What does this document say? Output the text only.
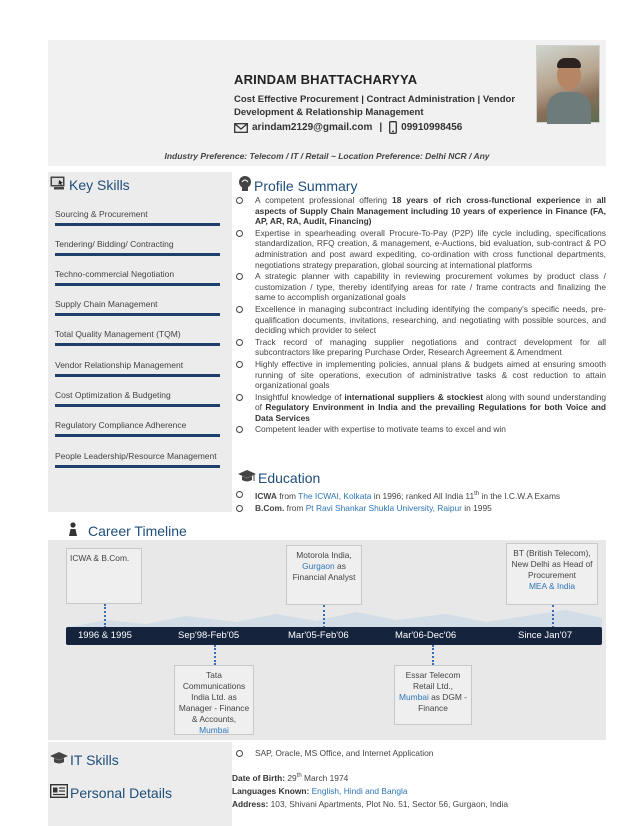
ARINDAM BHATTACHARYYA
Cost Effective Procurement | Contract Administration | Vendor Development & Relationship Management
arindam2129@gmail.com | 09910998456
Industry Preference: Telecom / IT / Retail ~ Location Preference: Delhi NCR / Any
Key Skills
Sourcing & Procurement
Tendering/ Bidding/ Contracting
Techno-commercial Negotiation
Supply Chain Management
Total Quality Management (TQM)
Vendor Relationship Management
Cost Optimization & Budgeting
Regulatory Compliance Adherence
People Leadership/Resource Management
Profile Summary
A competent professional offering 18 years of rich cross-functional experience in all aspects of Supply Chain Management including 10 years of experience in Finance (FA, AP, AR, RA, Audit, Financing)
Expertise in spearheading overall Procure-To-Pay (P2P) life cycle including, specifications standardization, RFQ creation, & management, e-Auctions, bid evaluation, sub-contract & PO administration and post award expediting, co-ordination with cross functional departments, negotiations strategy preparation, global sourcing at international platforms
A strategic planner with capability in reviewing procurement volumes by product class / customization / type, thereby identifying areas for rate / frame contracts and finalizing the same to accomplish organizational goals
Excellence in managing subcontract including identifying the company's specific needs, pre-qualification documents, invitations, researching, and negotiating with possible sources, and deciding which provider to select
Track record of managing supplier negotiations and contract development for all subcontractors like preparing Purchase Order, Research Agreement & Amendment
Highly effective in implementing policies, annual plans & budgets aimed at ensuring smooth running of site operations, execution of administrative tasks & cost reduction to attain organizational goals
Insightful knowledge of international suppliers & stockiest along with sound understanding of Regulatory Environment in India and the prevailing Regulations for both Voice and Data Services
Competent leader with expertise to motivate teams to excel and win
Education
ICWA from The ICWAI, Kolkata in 1996; ranked All India 11th in the I.C.W.A Exams
B.Com. from Pt Ravi Shankar Shukla University, Raipur in 1995
Career Timeline
ICWA & B.Com.	Motorola India,
Gurgaon as Financial Analyst
BT (British Telecom), New Delhi as Head of Procurement
MEA & India
1996 & 1995	Sep'98-Feb'05	Mar'05-Feb'06	Mar'06-Dec'06	Since Jan'07
Tata Communications India Ltd. as Manager - Finance & Accounts, Mumbai
Essar Telecom Retail Ltd.,
Mumbai as DGM - Finance
IT Skills
Personal Details
SAP, Oracle, MS Office, and Internet Application
Date of Birth: 29th March 1974
Languages Known: English, Hindi and Bangla
Address: 103, Shivani Apartments, Plot No. 51, Sector 56, Gurgaon, India
